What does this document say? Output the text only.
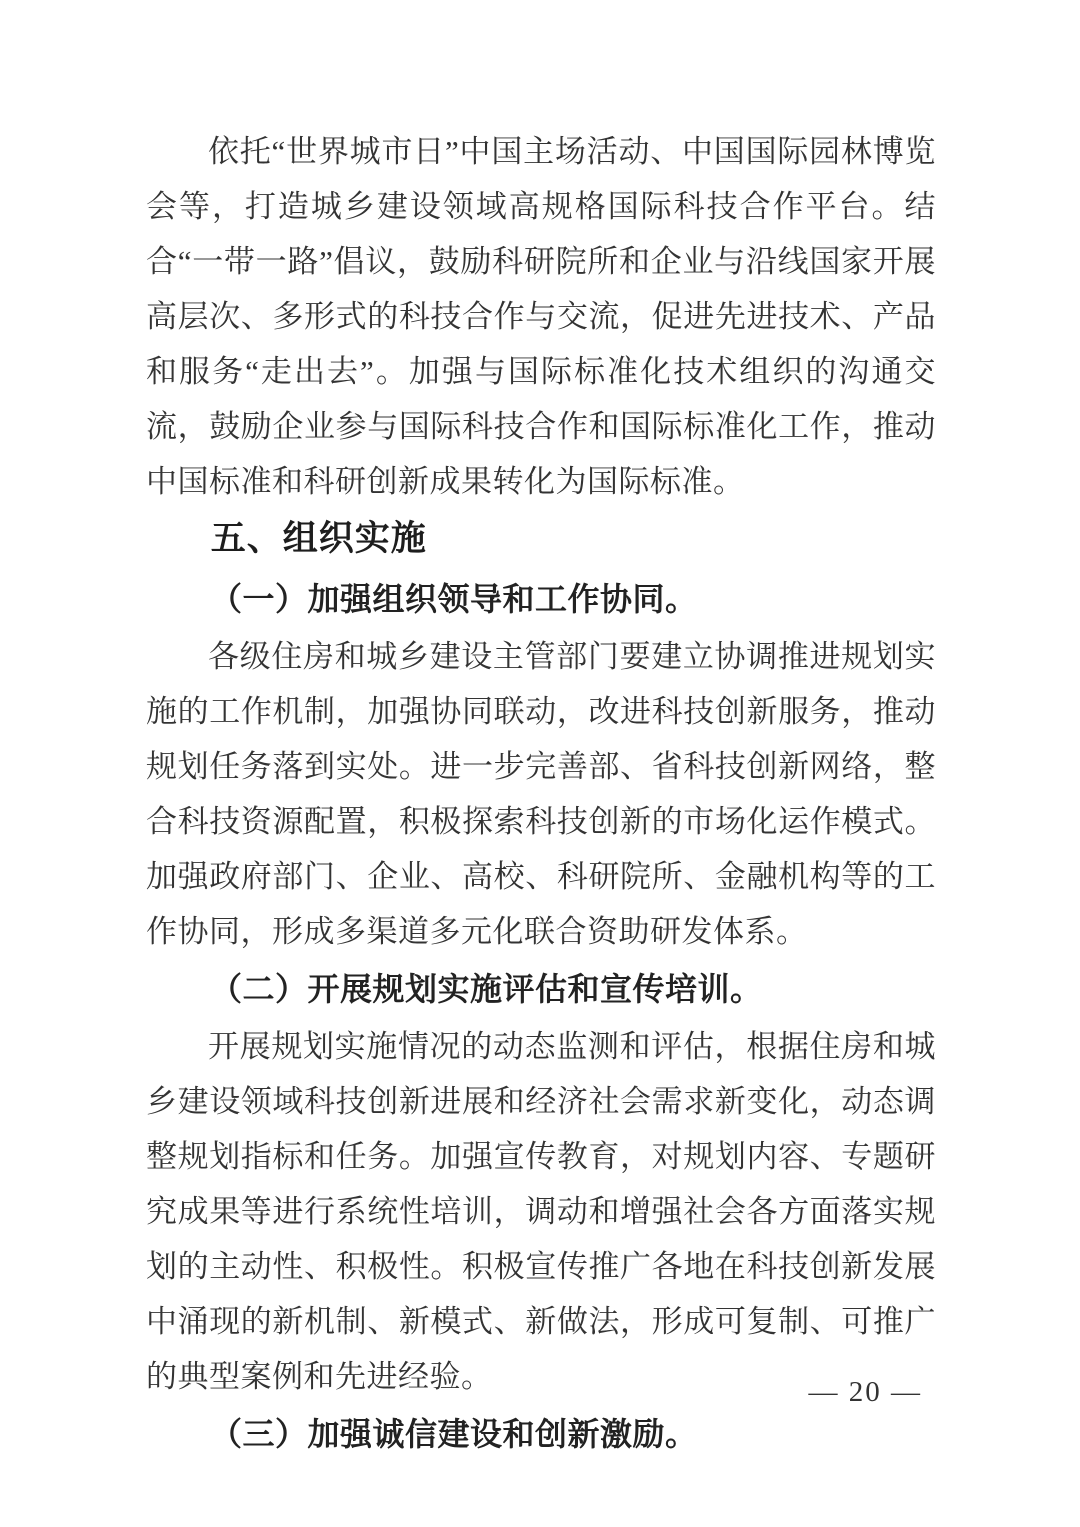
依托“世界城市日”中国主场活动、中国国际园林博览会等，打造城乡建设领域高规格国际科技合作平台。结合“一带一路”倡议，鼓励科研院所和企业与沿线国家开展高层次、多形式的科技合作与交流，促进先进技术、产品和服务“走出去”。加强与国际标准化技术组织的沟通交流，鼓励企业参与国际科技合作和国际标准化工作，推动中国标准和科研创新成果转化为国际标准。

五、组织实施
（一）加强组织领导和工作协同。

各级住房和城乡建设主管部门要建立协调推进规划实施的工作机制，加强协同联动，改进科技创新服务，推动规划任务落到实处。进一步完善部、省科技创新网络，整合科技资源配置，积极探索科技创新的市场化运作模式。加强政府部门、企业、高校、科研院所、金融机构等的工作协同，形成多渠道多元化联合资助研发体系。

（二）开展规划实施评估和宣传培训。

开展规划实施情况的动态监测和评估，根据住房和城乡建设领域科技创新进展和经济社会需求新变化，动态调整规划指标和任务。加强宣传教育，对规划内容、专题研究成果等进行系统性培训，调动和增强社会各方面落实规划的主动性、积极性。积极宣传推广各地在科技创新发展中涌现的新机制、新模式、新做法，形成可复制、可推广的典型案例和先进经验。

（三）加强诚信建设和创新激励。
— 20 —
